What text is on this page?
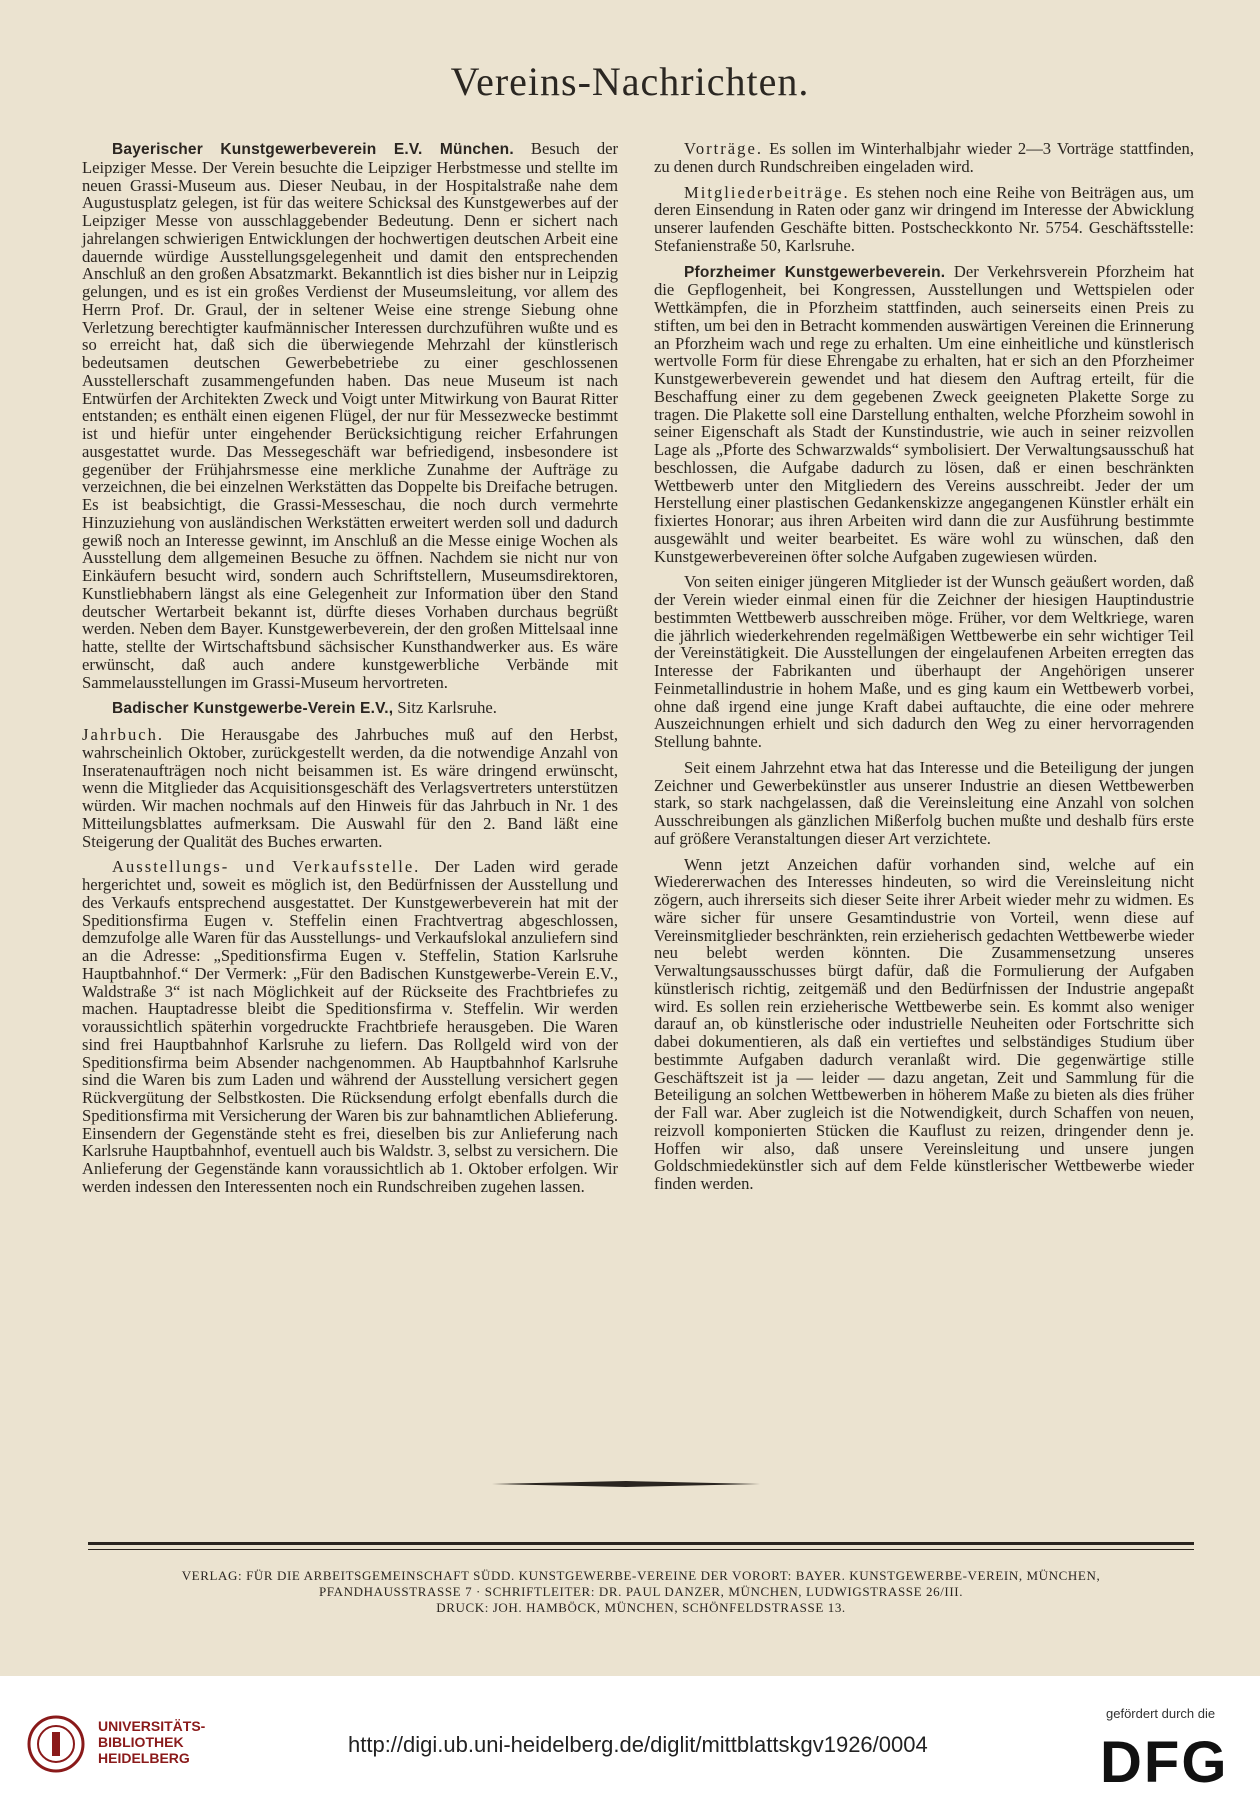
Vereins-Nachrichten.

Bayerischer Kunstgewerbeverein E.V. München. Besuch der Leipziger Messe. Der Verein besuchte die Leipziger Herbstmesse und stellte im neuen Grassi-Museum aus. Dieser Neubau, in der Hospitalstraße nahe dem Augustusplatz gelegen, ist für das weitere Schicksal des Kunstgewerbes auf der Leipziger Messe von ausschlaggebender Bedeutung. Denn er sichert nach jahrelangen schwierigen Entwicklungen der hochwertigen deutschen Arbeit eine dauernde würdige Ausstellungsgelegenheit und damit den entsprechenden Anschluß an den großen Absatzmarkt. Bekanntlich ist dies bisher nur in Leipzig gelungen, und es ist ein großes Verdienst der Museumsleitung, vor allem des Herrn Prof. Dr. Graul, der in seltener Weise eine strenge Siebung ohne Verletzung berechtigter kaufmännischer Interessen durchzuführen wußte und es so erreicht hat, daß sich die überwiegende Mehrzahl der künstlerisch bedeutsamen deutschen Gewerbebetriebe zu einer geschlossenen Ausstellerschaft zusammengefunden haben. Das neue Museum ist nach Entwürfen der Architekten Zweck und Voigt unter Mitwirkung von Baurat Ritter entstanden; es enthält einen eigenen Flügel, der nur für Messezwecke bestimmt ist und hiefür unter eingehender Berücksichtigung reicher Erfahrungen ausgestattet wurde. Das Messegeschäft war befriedigend, insbesondere ist gegenüber der Frühjahrsmesse eine merkliche Zunahme der Aufträge zu verzeichnen, die bei einzelnen Werkstätten das Doppelte bis Dreifache betrugen. Es ist beabsichtigt, die Grassi-Messeschau, die noch durch vermehrte Hinzuziehung von ausländischen Werkstätten erweitert werden soll und dadurch gewiß noch an Interesse gewinnt, im Anschluß an die Messe einige Wochen als Ausstellung dem allgemeinen Besuche zu öffnen. Nachdem sie nicht nur von Einkäufern besucht wird, sondern auch Schriftstellern, Museumsdirektoren, Kunstliebhabern längst als eine Gelegenheit zur Information über den Stand deutscher Wertarbeit bekannt ist, dürfte dieses Vorhaben durchaus begrüßt werden. Neben dem Bayer. Kunstgewerbeverein, der den großen Mittelsaal inne hatte, stellte der Wirtschaftsbund sächsischer Kunsthandwerker aus. Es wäre erwünscht, daß auch andere kunstgewerbliche Verbände mit Sammelausstellungen im Grassi-Museum hervortreten.

Badischer Kunstgewerbe-Verein E.V., Sitz Karlsruhe.

Jahrbuch. Die Herausgabe des Jahrbuches muß auf den Herbst, wahrscheinlich Oktober, zurückgestellt werden, da die notwendige Anzahl von Inseratenaufträgen noch nicht beisammen ist. Es wäre dringend erwünscht, wenn die Mitglieder das Acquisitionsgeschäft des Verlagsvertreters unterstützen würden. Wir machen nochmals auf den Hinweis für das Jahrbuch in Nr. 1 des Mitteilungsblattes aufmerksam. Die Auswahl für den 2. Band läßt eine Steigerung der Qualität des Buches erwarten.

Ausstellungs- und Verkaufsstelle. Der Laden wird gerade hergerichtet und, soweit es möglich ist, den Bedürfnissen der Ausstellung und des Verkaufs entsprechend ausgestattet. Der Kunstgewerbeverein hat mit der Speditionsfirma Eugen v. Steffelin einen Frachtvertrag abgeschlossen, demzufolge alle Waren für das Ausstellungs- und Verkaufslokal anzuliefern sind an die Adresse: „Speditionsfirma Eugen v. Steffelin, Station Karlsruhe Hauptbahnhof.“ Der Vermerk: „Für den Badischen Kunstgewerbe-Verein E.V., Waldstraße 3“ ist nach Möglichkeit auf der Rückseite des Frachtbriefes zu machen. Hauptadresse bleibt die Speditionsfirma v. Steffelin. Wir werden voraussichtlich späterhin vorgedruckte Frachtbriefe herausgeben. Die Waren sind frei Hauptbahnhof Karlsruhe zu liefern. Das Rollgeld wird von der Speditionsfirma beim Absender nachgenommen. Ab Hauptbahnhof Karlsruhe sind die Waren bis zum Laden und während der Ausstellung versichert gegen Rückvergütung der Selbstkosten. Die Rücksendung erfolgt ebenfalls durch die Speditionsfirma mit Versicherung der Waren bis zur bahnamtlichen Ablieferung. Einsendern der Gegenstände steht es frei, dieselben bis zur Anlieferung nach Karlsruhe Hauptbahnhof, eventuell auch bis Waldstr. 3, selbst zu versichern. Die Anlieferung der Gegenstände kann voraussichtlich ab 1. Oktober erfolgen. Wir werden indessen den Interessenten noch ein Rundschreiben zugehen lassen.

Vorträge. Es sollen im Winterhalbjahr wieder 2—3 Vorträge stattfinden, zu denen durch Rundschreiben eingeladen wird.

Mitgliederbeiträge. Es stehen noch eine Reihe von Beiträgen aus, um deren Einsendung in Raten oder ganz wir dringend im Interesse der Abwicklung unserer laufenden Geschäfte bitten. Postscheckkonto Nr. 5754. Geschäftsstelle: Stefanienstraße 50, Karlsruhe.

Pforzheimer Kunstgewerbeverein. Der Verkehrsverein Pforzheim hat die Gepflogenheit, bei Kongressen, Ausstellungen und Wettspielen oder Wettkämpfen, die in Pforzheim stattfinden, auch seinerseits einen Preis zu stiften, um bei den in Betracht kommenden auswärtigen Vereinen die Erinnerung an Pforzheim wach und rege zu erhalten. Um eine einheitliche und künstlerisch wertvolle Form für diese Ehrengabe zu erhalten, hat er sich an den Pforzheimer Kunstgewerbeverein gewendet und hat diesem den Auftrag erteilt, für die Beschaffung einer zu dem gegebenen Zweck geeigneten Plakette Sorge zu tragen. Die Plakette soll eine Darstellung enthalten, welche Pforzheim sowohl in seiner Eigenschaft als Stadt der Kunstindustrie, wie auch in seiner reizvollen Lage als „Pforte des Schwarzwalds“ symbolisiert. Der Verwaltungsausschuß hat beschlossen, die Aufgabe dadurch zu lösen, daß er einen beschränkten Wettbewerb unter den Mitgliedern des Vereins ausschreibt. Jeder der um Herstellung einer plastischen Gedankenskizze angegangenen Künstler erhält ein fixiertes Honorar; aus ihren Arbeiten wird dann die zur Ausführung bestimmte ausgewählt und weiter bearbeitet. Es wäre wohl zu wünschen, daß den Kunstgewerbevereinen öfter solche Aufgaben zugewiesen würden.

Von seiten einiger jüngeren Mitglieder ist der Wunsch geäußert worden, daß der Verein wieder einmal einen für die Zeichner der hiesigen Hauptindustrie bestimmten Wettbewerb ausschreiben möge. Früher, vor dem Weltkriege, waren die jährlich wiederkehrenden regelmäßigen Wettbewerbe ein sehr wichtiger Teil der Vereinstätigkeit. Die Ausstellungen der eingelaufenen Arbeiten erregten das Interesse der Fabrikanten und überhaupt der Angehörigen unserer Feinmetallindustrie in hohem Maße, und es ging kaum ein Wettbewerb vorbei, ohne daß irgend eine junge Kraft dabei auftauchte, die eine oder mehrere Auszeichnungen erhielt und sich dadurch den Weg zu einer hervorragenden Stellung bahnte.

Seit einem Jahrzehnt etwa hat das Interesse und die Beteiligung der jungen Zeichner und Gewerbekünstler aus unserer Industrie an diesen Wettbewerben stark, so stark nachgelassen, daß die Vereinsleitung eine Anzahl von solchen Ausschreibungen als gänzlichen Mißerfolg buchen mußte und deshalb fürs erste auf größere Veranstaltungen dieser Art verzichtete.

Wenn jetzt Anzeichen dafür vorhanden sind, welche auf ein Wiedererwachen des Interesses hindeuten, so wird die Vereinsleitung nicht zögern, auch ihrerseits sich dieser Seite ihrer Arbeit wieder mehr zu widmen. Es wäre sicher für unsere Gesamtindustrie von Vorteil, wenn diese auf Vereinsmitglieder beschränkten, rein erzieherisch gedachten Wettbewerbe wieder neu belebt werden könnten. Die Zusammensetzung unseres Verwaltungsausschusses bürgt dafür, daß die Formulierung der Aufgaben künstlerisch richtig, zeitgemäß und den Bedürfnissen der Industrie angepaßt wird. Es sollen rein erzieherische Wettbewerbe sein. Es kommt also weniger darauf an, ob künstlerische oder industrielle Neuheiten oder Fortschritte sich dabei dokumentieren, als daß ein vertieftes und selbständiges Studium über bestimmte Aufgaben dadurch veranlaßt wird. Die gegenwärtige stille Geschäftszeit ist ja — leider — dazu angetan, Zeit und Sammlung für die Beteiligung an solchen Wettbewerben in höherem Maße zu bieten als dies früher der Fall war. Aber zugleich ist die Notwendigkeit, durch Schaffen von neuen, reizvoll komponierten Stücken die Kauflust zu reizen, dringender denn je. Hoffen wir also, daß unsere Vereinsleitung und unsere jungen Goldschmiedekünstler sich auf dem Felde künstlerischer Wettbewerbe wieder finden werden.

VERLAG: FÜR DIE ARBEITSGEMEINSCHAFT SÜDD. KUNSTGEWERBE-VEREINE DER VORORT: BAYER. KUNSTGEWERBE-VEREIN, MÜNCHEN,
PFANDHAUSSTRASSE 7 · SCHRIFTLEITER: DR. PAUL DANZER, MÜNCHEN, LUDWIGSTRASSE 26/III.
DRUCK: JOH. HAMBÖCK, MÜNCHEN, SCHÖNFELDSTRASSE 13.
UNIVERSITÄTS-
BIBLIOTHEK
HEIDELBERG
http://digi.ub.uni-heidelberg.de/diglit/mittblattskgv1926/0004
gefördert durch die
DFG
